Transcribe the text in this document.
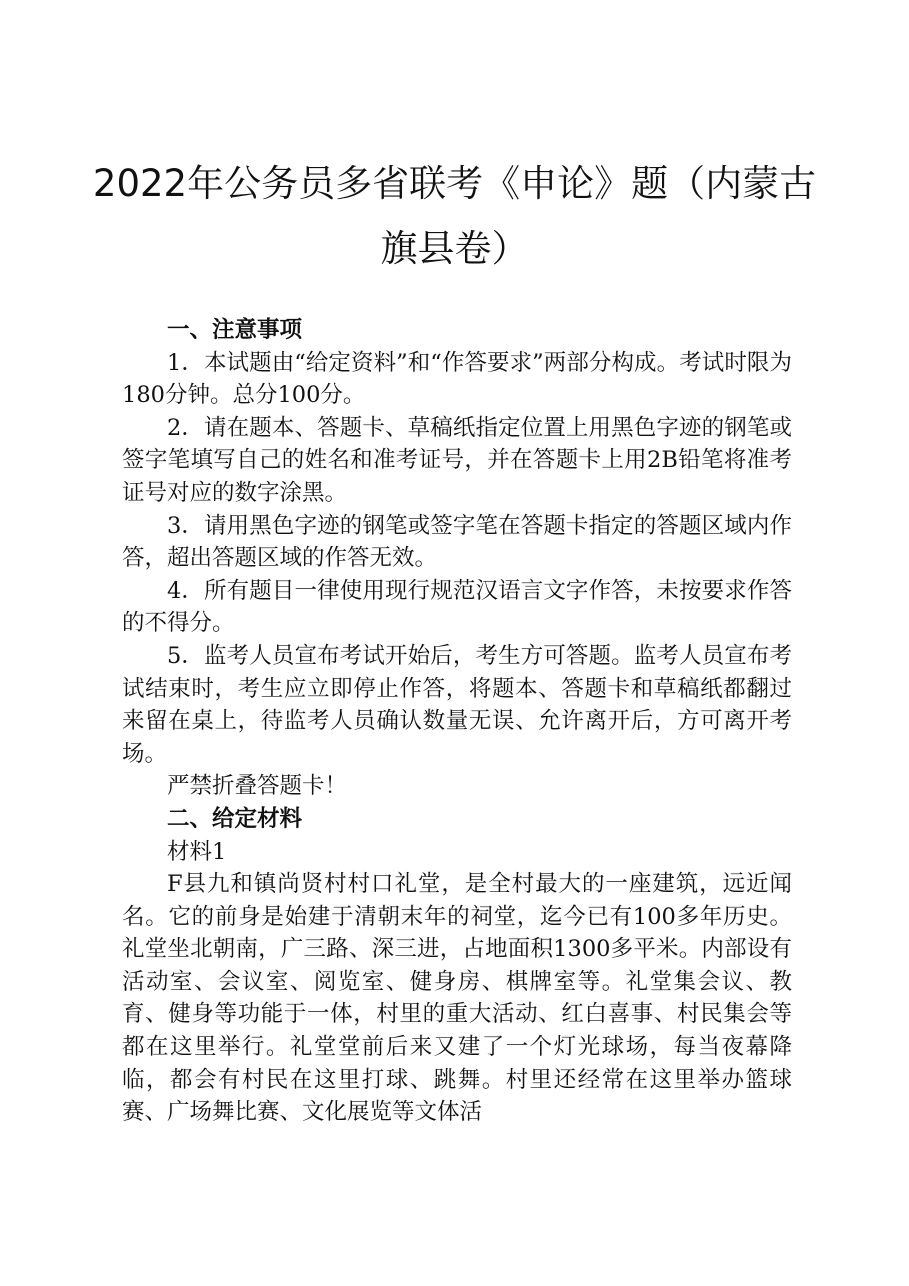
2022年公务员多省联考《申论》题（内蒙古
旗县卷）

一、注意事项

1．本试题由“给定资料”和“作答要求”两部分构成。考试时限为180分钟。总分100分。

2．请在题本、答题卡、草稿纸指定位置上用黑色字迹的钢笔或签字笔填写自己的姓名和准考证号，并在答题卡上用2B铅笔将准考证号对应的数字涂黑。

3．请用黑色字迹的钢笔或签字笔在答题卡指定的答题区域内作答，超出答题区域的作答无效。

4．所有题目一律使用现行规范汉语言文字作答，未按要求作答的不得分。

5．监考人员宣布考试开始后，考生方可答题。监考人员宣布考试结束时，考生应立即停止作答，将题本、答题卡和草稿纸都翻过来留在桌上，待监考人员确认数量无误、允许离开后，方可离开考场。

严禁折叠答题卡！

二、给定材料

材料1

F县九和镇尚贤村村口礼堂，是全村最大的一座建筑，远近闻名。它的前身是始建于清朝末年的祠堂，迄今已有100多年历史。礼堂坐北朝南，广三路、深三进，占地面积1300多平米。内部设有活动室、会议室、阅览室、健身房、棋牌室等。礼堂集会议、教育、健身等功能于一体，村里的重大活动、红白喜事、村民集会等都在这里举行。礼堂堂前后来又建了一个灯光球场，每当夜幕降临，都会有村民在这里打球、跳舞。村里还经常在这里举办篮球赛、广场舞比赛、文化展览等文体活
